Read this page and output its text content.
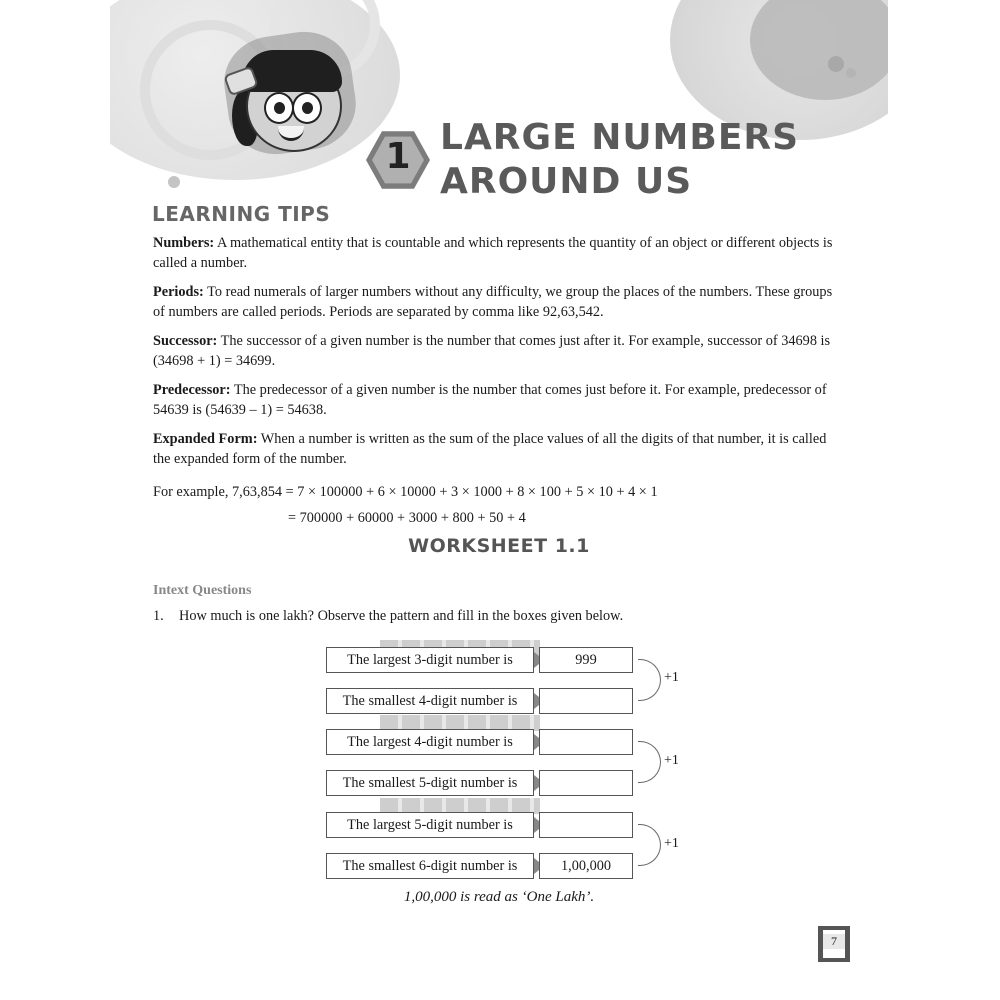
1 LARGE NUMBERS
AROUND US
LEARNING TIPS

Numbers: A mathematical entity that is countable and which represents the quantity of an object or different objects is called a number.

Periods: To read numerals of larger numbers without any difficulty, we group the places of the numbers. These groups of numbers are called periods. Periods are separated by comma like 92,63,542.

Successor: The successor of a given number is the number that comes just after it. For example, successor of 34698 is (34698 + 1) = 34699.

Predecessor: The predecessor of a given number is the number that comes just before it. For example, predecessor of 54639 is (54639 – 1) = 54638.

Expanded Form: When a number is written as the sum of the place values of all the digits of that number, it is called the expanded form of the number.

For example, 7,63,854 = 7 × 100000 + 6 × 10000 + 3 × 1000 + 8 × 100 + 5 × 10 + 4 × 1
= 700000 + 60000 + 3000 + 800 + 50 + 4
WORKSHEET 1.1
Intext Questions
1. How much is one lakh? Observe the pattern and fill in the boxes given below.
The largest 3-digit number is	999
The smallest 4-digit number is
The largest 4-digit number is
The smallest 5-digit number is
The largest 5-digit number is
The smallest 6-digit number is	1,00,000
+1
+1
+1
1,00,000 is read as ‘One Lakh’.
7
